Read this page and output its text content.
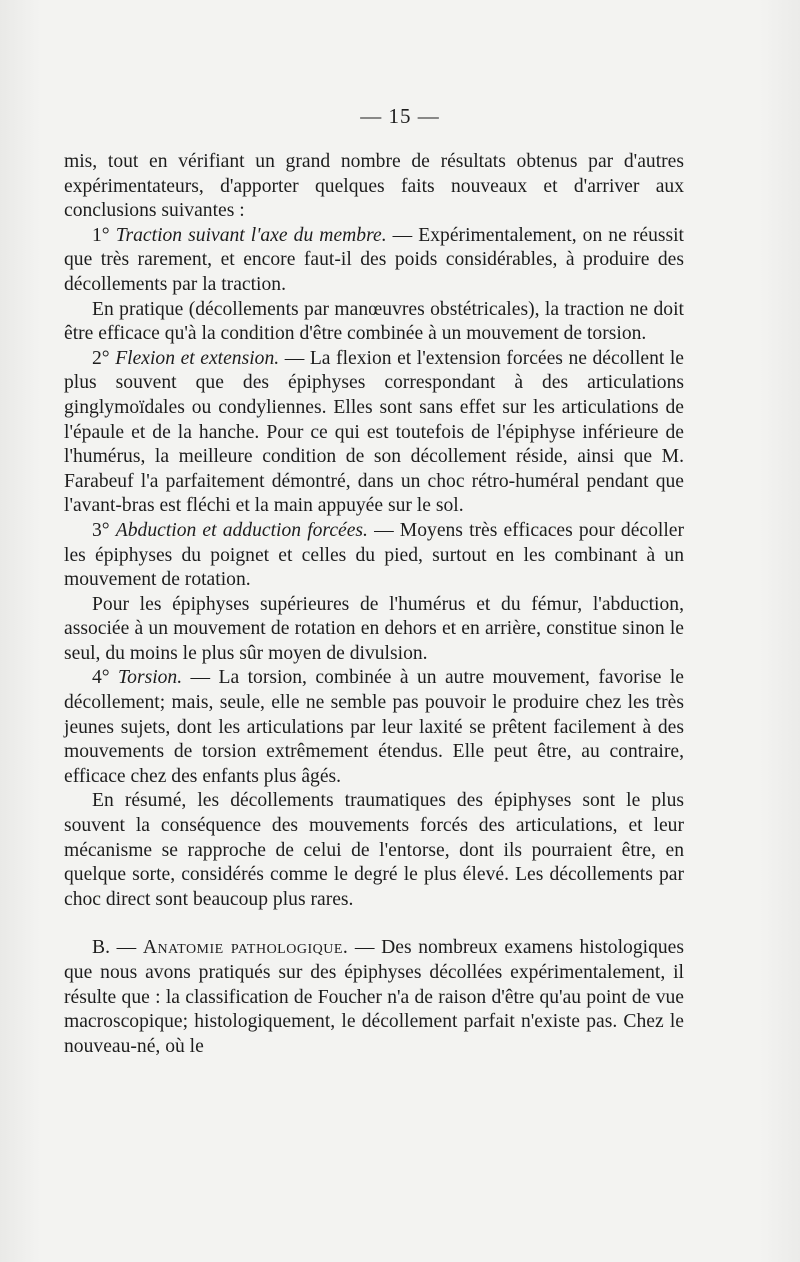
— 15 —

mis, tout en vérifiant un grand nombre de résultats obtenus par d'autres expérimentateurs, d'apporter quelques faits nouveaux et d'arriver aux conclusions suivantes :

1° Traction suivant l'axe du membre. — Expérimentalement, on ne réussit que très rarement, et encore faut-il des poids considérables, à produire des décollements par la traction.

En pratique (décollements par manœuvres obstétricales), la traction ne doit être efficace qu'à la condition d'être combinée à un mouvement de torsion.

2° Flexion et extension. — La flexion et l'extension forcées ne décollent le plus souvent que des épiphyses correspondant à des articulations ginglymoïdales ou condyliennes. Elles sont sans effet sur les articulations de l'épaule et de la hanche. Pour ce qui est toutefois de l'épiphyse inférieure de l'humérus, la meilleure condition de son décollement réside, ainsi que M. Farabeuf l'a parfaitement démontré, dans un choc rétro-huméral pendant que l'avant-bras est fléchi et la main appuyée sur le sol.

3° Abduction et adduction forcées. — Moyens très efficaces pour décoller les épiphyses du poignet et celles du pied, surtout en les combinant à un mouvement de rotation.

Pour les épiphyses supérieures de l'humérus et du fémur, l'abduction, associée à un mouvement de rotation en dehors et en arrière, constitue sinon le seul, du moins le plus sûr moyen de divulsion.

4° Torsion. — La torsion, combinée à un autre mouvement, favorise le décollement; mais, seule, elle ne semble pas pouvoir le produire chez les très jeunes sujets, dont les articulations par leur laxité se prêtent facilement à des mouvements de torsion extrêmement étendus. Elle peut être, au contraire, efficace chez des enfants plus âgés.

En résumé, les décollements traumatiques des épiphyses sont le plus souvent la conséquence des mouvements forcés des articulations, et leur mécanisme se rapproche de celui de l'entorse, dont ils pourraient être, en quelque sorte, considérés comme le degré le plus élevé. Les décollements par choc direct sont beaucoup plus rares.

B. — Anatomie pathologique. — Des nombreux examens histologiques que nous avons pratiqués sur des épiphyses décollées expérimentalement, il résulte que : la classification de Foucher n'a de raison d'être qu'au point de vue macroscopique; histologiquement, le décollement parfait n'existe pas. Chez le nouveau-né, où le
